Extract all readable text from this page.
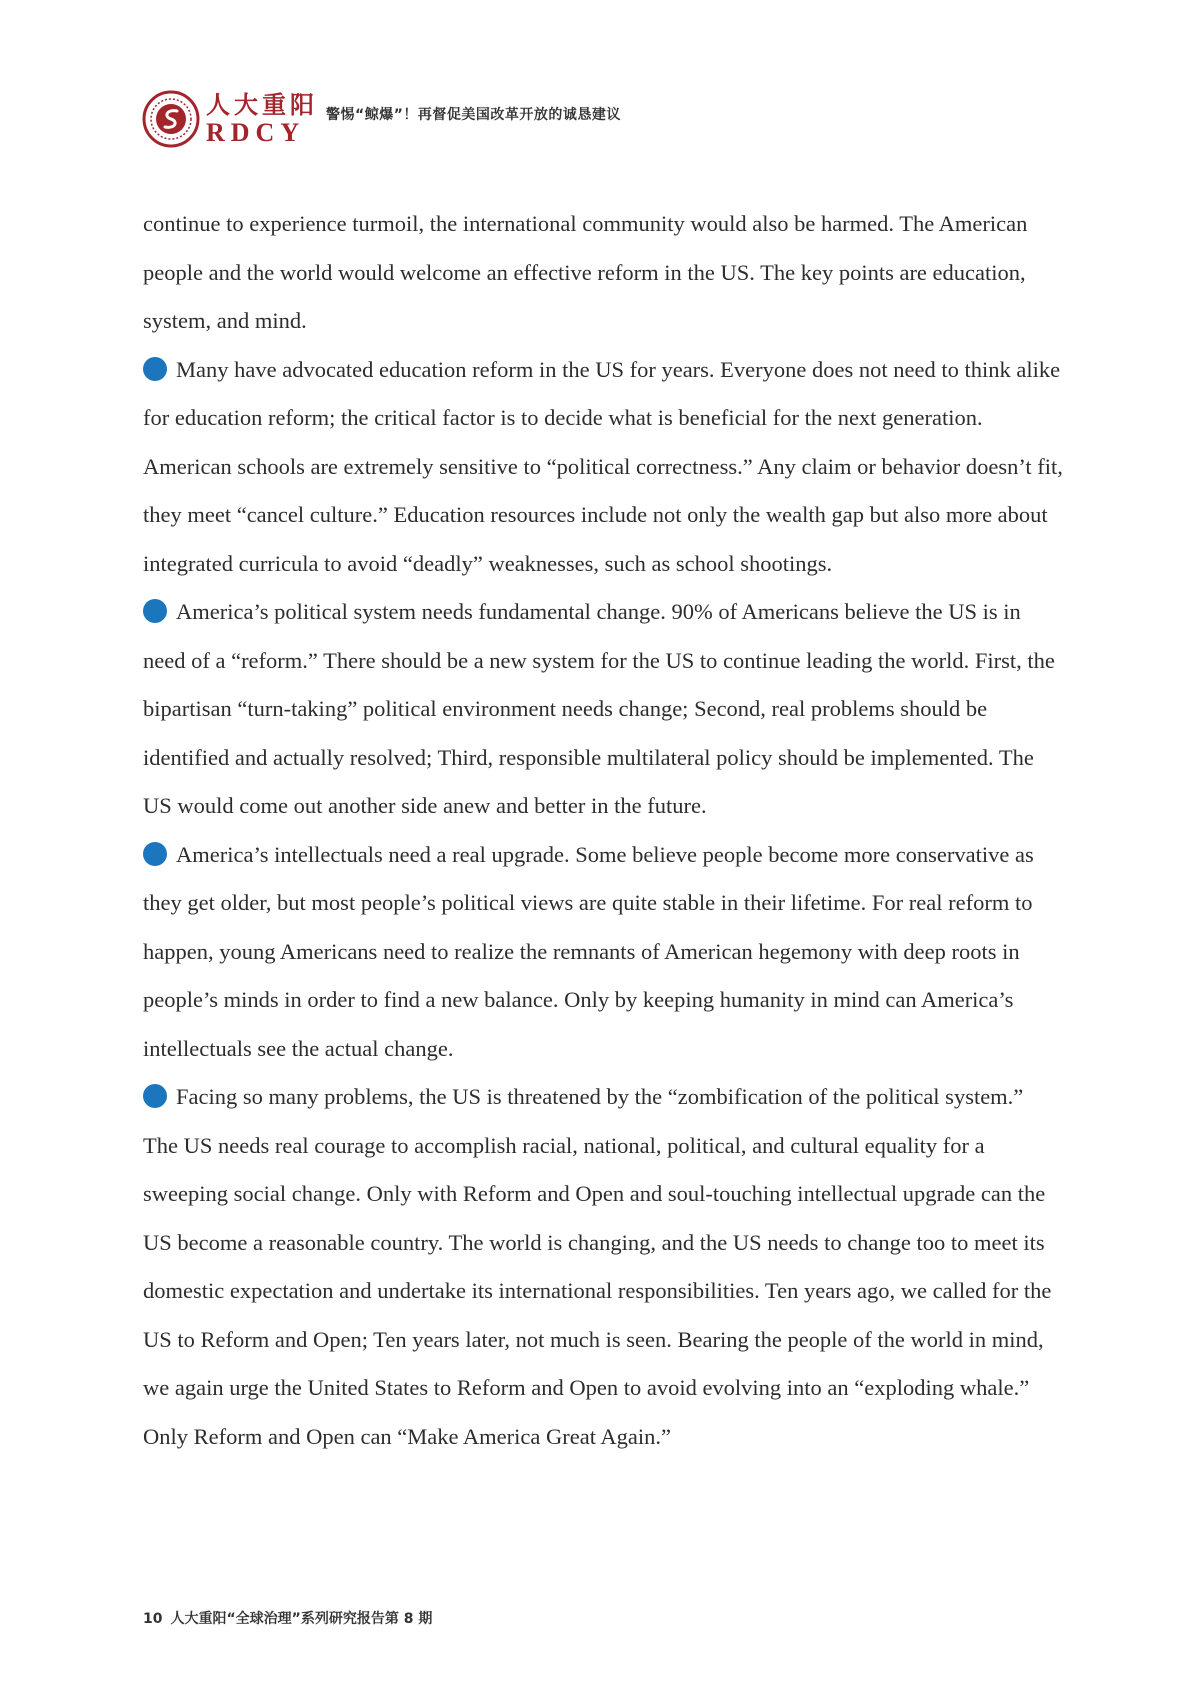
人大重阳
RDCY
警惕“鲸爆”！再督促美国改革开放的诚恳建议

continue to experience turmoil, the international community would also be harmed. The American people and the world would welcome an effective reform in the US. The key points are education, system, and mind.

Many have advocated education reform in the US for years. Everyone does not need to think alike for education reform; the critical factor is to decide what is beneficial for the next generation. American schools are extremely sensitive to “political correctness.” Any claim or behavior doesn’t fit, they meet “cancel culture.” Education resources include not only the wealth gap but also more about integrated curricula to avoid “deadly” weaknesses, such as school shootings.

America’s political system needs fundamental change. 90% of Americans believe the US is in need of a “reform.” There should be a new system for the US to continue leading the world. First, the bipartisan “turn-taking” political environment needs change; Second, real problems should be identified and actually resolved; Third, responsible multilateral policy should be implemented. The US would come out another side anew and better in the future.

America’s intellectuals need a real upgrade. Some believe people become more conservative as they get older, but most people’s political views are quite stable in their lifetime. For real reform to happen, young Americans need to realize the remnants of American hegemony with deep roots in people’s minds in order to find a new balance. Only by keeping humanity in mind can America’s intellectuals see the actual change.

Facing so many problems, the US is threatened by the “zombification of the political system.” The US needs real courage to accomplish racial, national, political, and cultural equality for a sweeping social change. Only with Reform and Open and soul-touching intellectual upgrade can the US become a reasonable country. The world is changing, and the US needs to change too to meet its domestic expectation and undertake its international responsibilities. Ten years ago, we called for the US to Reform and Open; Ten years later, not much is seen. Bearing the people of the world in mind, we again urge the United States to Reform and Open to avoid evolving into an “exploding whale.” Only Reform and Open can “Make America Great Again.”

10 人大重阳“全球治理”系列研究报告第 8 期
